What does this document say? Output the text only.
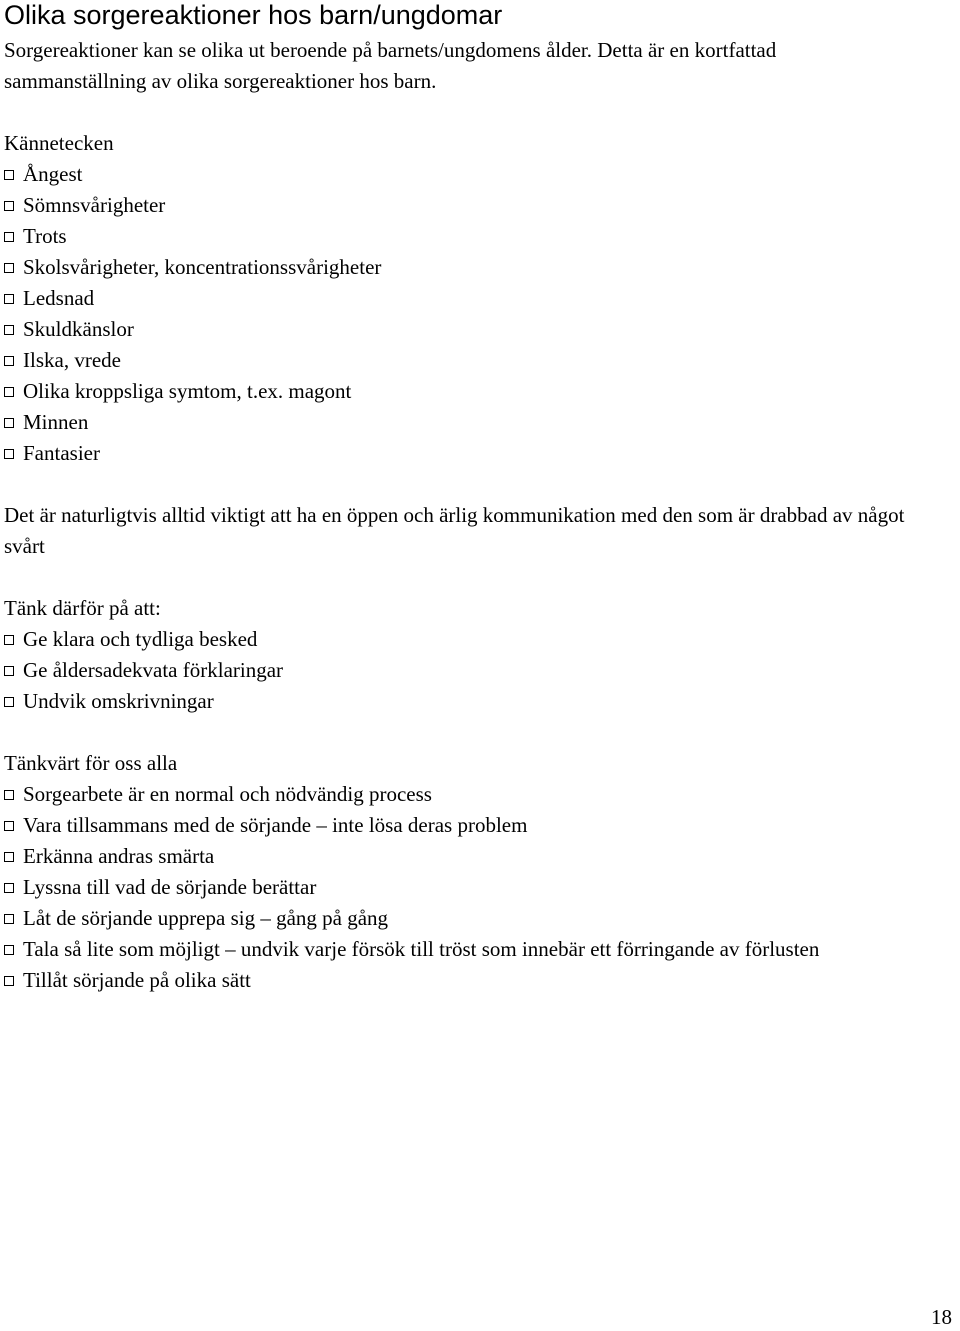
Olika sorgereaktioner hos barn/ungdomar

Sorgereaktioner kan se olika ut beroende på barnets/ungdomens ålder. Detta är en kortfattad sammanställning av olika sorgereaktioner hos barn.

Kännetecken

Ångest
Sömnsvårigheter
Trots
Skolsvårigheter, koncentrationssvårigheter
Ledsnad
Skuldkänslor
Ilska, vrede
Olika kroppsliga symtom, t.ex. magont
Minnen
Fantasier

Det är naturligtvis alltid viktigt att ha en öppen och ärlig kommunikation med den som är drabbad av något svårt

Tänk därför på att:

Ge klara och tydliga besked
Ge åldersadekvata förklaringar
Undvik omskrivningar

Tänkvärt för oss alla

Sorgearbete är en normal och nödvändig process
Vara tillsammans med de sörjande – inte lösa deras problem
Erkänna andras smärta
Lyssna till vad de sörjande berättar
Låt de sörjande upprepa sig – gång på gång
Tala så lite som möjligt – undvik varje försök till tröst som innebär ett förringande av förlusten
Tillåt sörjande på olika sätt

18
